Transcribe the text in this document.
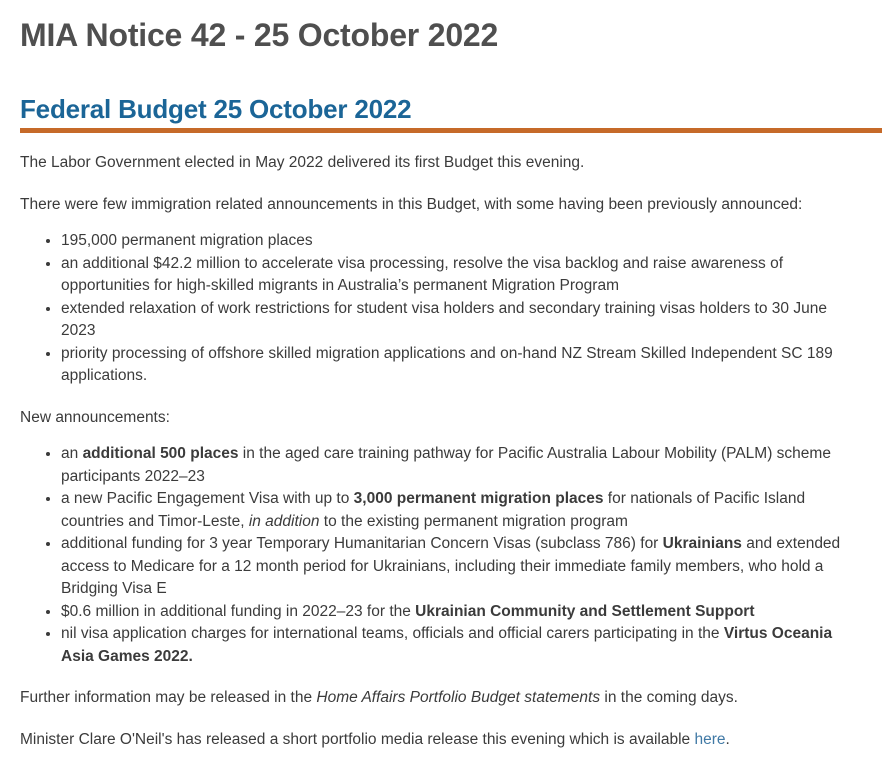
MIA Notice 42 - 25 October 2022
Federal Budget 25 October 2022

The Labor Government elected in May 2022 delivered its first Budget this evening.

There were few immigration related announcements in this Budget, with some having been previously announced:

• 195,000 permanent migration places
• an additional $42.2 million to accelerate visa processing, resolve the visa backlog and raise awareness of opportunities for high-skilled migrants in Australia’s permanent Migration Program
• extended relaxation of work restrictions for student visa holders and secondary training visas holders to 30 June 2023
• priority processing of offshore skilled migration applications and on-hand NZ Stream Skilled Independent SC 189 applications.

New announcements:

• an additional 500 places in the aged care training pathway for Pacific Australia Labour Mobility (PALM) scheme participants 2022–23
• a new Pacific Engagement Visa with up to 3,000 permanent migration places for nationals of Pacific Island countries and Timor-Leste, in addition to the existing permanent migration program
• additional funding for 3 year Temporary Humanitarian Concern Visas (subclass 786) for Ukrainians and extended access to Medicare for a 12 month period for Ukrainians, including their immediate family members, who hold a Bridging Visa E
• $0.6 million in additional funding in 2022–23 for the Ukrainian Community and Settlement Support
• nil visa application charges for international teams, officials and official carers participating in the Virtus Oceania Asia Games 2022.

Further information may be released in the Home Affairs Portfolio Budget statements in the coming days.

Minister Clare O'Neil's has released a short portfolio media release this evening which is available here.
